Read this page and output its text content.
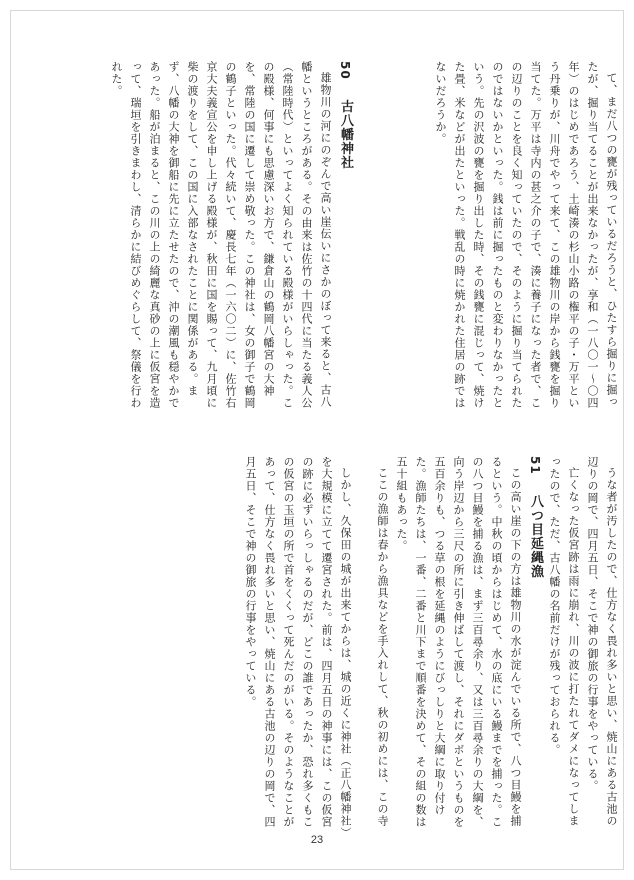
て、まだ八つの甕が残っているだろうと、ひたすら掘りに掘ったが、掘り当てることが出来なかったが、享和（一八〇一〜〇四年）のはじめであろう、土崎湊の杉山小路の権平の子・万平という丹乗りが、川舟でやって来て、この雄物川の岸から銭甕を掘り当てた。万平は寺内の甚之介の子で、湊に養子になった者で、この辺りのことを良く知っていたので、そのように掘り当てられたのではないかといった。銭は前に掘ったものと変わりなかったという。先の沢波の甕を掘り出した時、その銭甕に混じって、焼けた畳、米などが出たといった。戦乱の時に焼かれた住居の跡ではないだろうか。

50　古八幡神社

雄物川の河にのぞんで高い崖伝いにさかのぼって来ると、古八幡というところがある。その由来は佐竹の十四代に当たる義人公（常陸時代）といってよく知られている殿様がいらしゃった。この殿様、何事にも思慮深いお方で、鎌倉山の鶴岡八幡宮の大神を、常陸の国に遷して崇め敬った。この神社は、女の御子で鶴岡の鶴子といった。代々続いて、慶長七年（一六〇二）に、佐竹右京大夫義宣公を申し上げる殿様が、秋田に国を賜って、九月頃に柴の渡りをして、この国に入部なされたことに関係がある。まず、八幡の大神を御船に先に立たせたので、沖の潮風も穏やかであった。船が泊まると、この川の上の綺麗な真砂の上に仮宮を造って、瑞垣を引きまわし、清らかに結びめぐらして、祭儀を行われた。

うな者が汚したので、仕方なく畏れ多いと思い、焼山にある古池の辺りの岡で、四月五日、そこで神の御旅の行事をやっている。

亡くなった仮宮跡は雨に崩れ、川の波に打たれてダメになってしまったので、ただ、古八幡の名前だけが残っておられる。

51　八つ目延縄漁

この高い崖の下の方は雄物川の水が淀んでいる所で、八つ目鰻を捕るという。中秋の頃からはじめて、水の底にいる鰻までを捕った。この八つ目鰻を捕る漁は、まず三百尋余り、又は三百尋余りの大綱を、向う岸辺から三尺の所に引き伸ばして渡し、それにダボというものを五百余りも、つる草の根を延縄のようにびっしりと大綱に取り付けた。漁師たちは、一番、二番と川下まで順番を決めて、その組の数は五十組もあった。

ここの漁師は春から漁具などを手入れして、秋の初めには、この寺

しかし、久保田の城が出来てからは、城の近くに神社（正八幡神社）を大規模に立てて遷宮された。前は、四月五日の神事には、この仮宮の跡に必ずいらっしゃるのだが、どこの誰であったか、恐れ多くもこの仮宮の玉垣の所で首をくくって死んだのがいる。そのようなことがあって、仕方なく畏れ多いと思い、焼山にある古池の辺りの岡で、四月五日、そこで神の御旅の行事をやっている。

23
